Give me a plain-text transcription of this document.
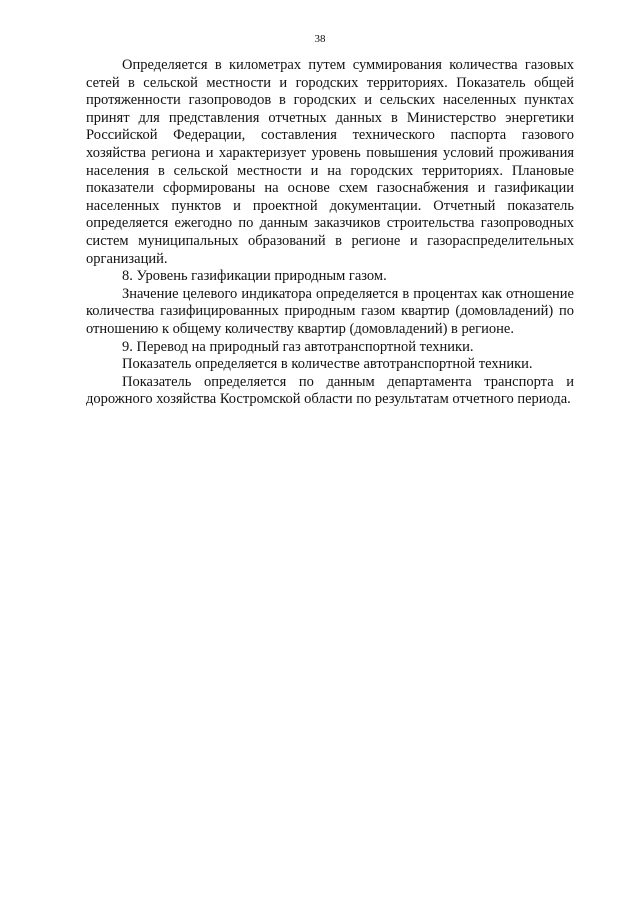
38

Определяется в километрах путем суммирования количества газовых сетей в сельской местности и городских территориях. Показатель общей протяженности газопроводов в городских и сельских населенных пунктах принят для представления отчетных данных в Министерство энергетики Российской Федерации, составления технического паспорта газового хозяйства региона и характеризует уровень повышения условий проживания населения в сельской местности и на городских территориях. Плановые показатели сформированы на основе схем газоснабжения и газификации населенных пунктов и проектной документации. Отчетный показатель определяется ежегодно по данным заказчиков строительства газопроводных систем муниципальных образований в регионе и газораспределительных организаций.

8. Уровень газификации природным газом.

Значение целевого индикатора определяется в процентах как отношение количества газифицированных природным газом квартир (домовладений) по отношению к общему количеству квартир (домовладений) в регионе.

9. Перевод на природный газ автотранспортной техники.

Показатель определяется в количестве автотранспортной техники.

Показатель определяется по данным департамента транспорта и дорожного хозяйства Костромской области по результатам отчетного периода.
